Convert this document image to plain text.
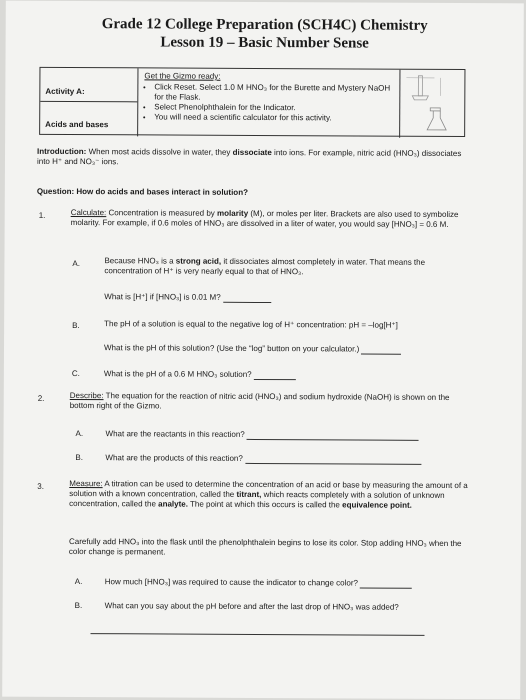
Grade 12 College Preparation (SCH4C) Chemistry
Lesson 19 – Basic Number Sense
Activity A:
Acids and bases
Get the Gizmo ready:
• Click Reset. Select 1.0 M HNO₃ for the Burette and Mystery NaOH for the Flask.
• Select Phenolphthalein for the Indicator.
• You will need a scientific calculator for this activity.
Introduction: When most acids dissolve in water, they dissociate into ions. For example, nitric acid (HNO₃) dissociates into H⁺ and NO₃⁻ ions.
Question: How do acids and bases interact in solution?
1.	Calculate: Concentration is measured by molarity (M), or moles per liter. Brackets are also used to symbolize molarity. For example, if 0.6 moles of HNO₃ are dissolved in a liter of water, you would say [HNO₃] = 0.6 M.
A.	Because HNO₃ is a strong acid, it dissociates almost completely in water. That means the concentration of H⁺ is very nearly equal to that of HNO₃.
What is [H⁺] if [HNO₃] is 0.01 M?
B.	The pH of a solution is equal to the negative log of H⁺ concentration: pH = –log[H⁺]
What is the pH of this solution? (Use the “log” button on your calculator.)
C.	What is the pH of a 0.6 M HNO₃ solution?
2.	Describe: The equation for the reaction of nitric acid (HNO₃) and sodium hydroxide (NaOH) is shown on the bottom right of the Gizmo.
A.	What are the reactants in this reaction?
B.	What are the products of this reaction?
3.	Measure: A titration can be used to determine the concentration of an acid or base by measuring the amount of a solution with a known concentration, called the titrant, which reacts completely with a solution of unknown concentration, called the analyte. The point at which this occurs is called the equivalence point.
Carefully add HNO₃ into the flask until the phenolphthalein begins to lose its color. Stop adding HNO₃ when the color change is permanent.
A.	How much [HNO₃] was required to cause the indicator to change color?
B.	What can you say about the pH before and after the last drop of HNO₃ was added?
